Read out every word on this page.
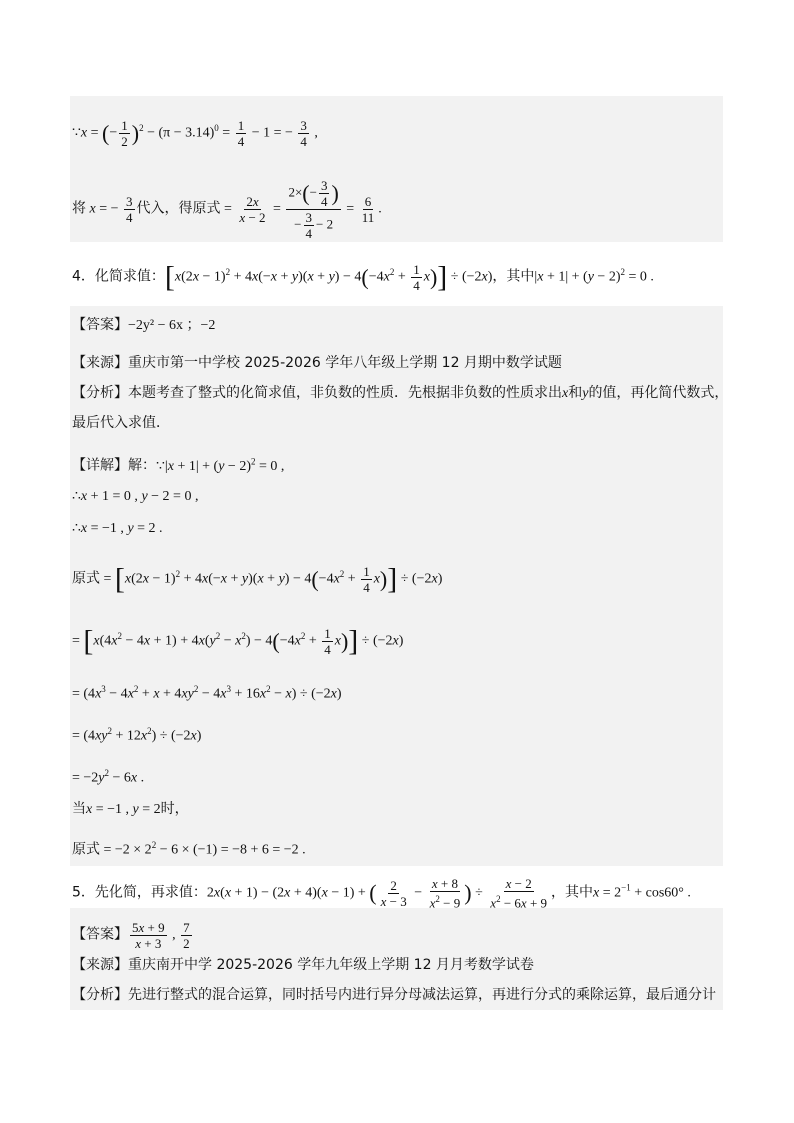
∵x = (− $\frac{1}{2} )^2 - (\pi - 3.14)^0 = \frac{1}{4} - 1$ = − $\frac{3}{4}$ ,
将 x = − $\frac{3}{4}$ 代入，得原式 = $\frac{2x}{x - 2} = \frac{2\times(- \frac{3}{4} )}{- \frac{3}{4} - 2} = \frac{6}{11}$ .
4．化简求值：$[x(2x - 1)^2 + 4x(-x + y)(x + y) - 4(-4x^2 + \frac{1}{4} x)] \div (-2x)$，其中$|x + 1| + (y - 2)^2 = 0$ .
【答案】−2y² − 6x ；−2
【来源】重庆市第一中学校 2025-2026 学年八年级上学期 12 月期中数学试题
【分析】本题考查了整式的化简求值，非负数的性质．先根据非负数的性质求出x和y的值，再化简代数式，
最后代入求值．
【详解】解：∵|x + $1| + (y - 2)^2 = 0$ ,
∴x + 1 = 0 , y − 2 = 0 ,
∴x = −1 , y = 2 .
原式 = $[x(2x - 1)^2 + 4x(-x + y)(x + y) - 4(-4x^2 + \frac{1}{4} x)] \div (-2x)$
= $[x(4x^2 - 4x + 1) + 4x(y^2 - x^2) - 4(-4x^2 + \frac{1}{4} x)] \div (-2x)$
= $(4x^3 - 4x^2 + x + 4xy^2 - 4x^3 + 16x^2 - x) \div (-2x)$
= $(4xy^2 + 12x^2) \div (-2x)$
= $-2y^2 - 6x$ .
当x = −1 , y = 2时，
原式 = $-2 \times 2^2 - 6 \times (-1) = -8 + 6 = -2$ .
5．先化简，再求值：2x(x + 1) − (2x + 4)(x − 1) + ( $\frac{2}{x - 3} - \frac{x + 8}{x^2 - 9}$ ) ÷ $\frac{x - 2}{x^2 - 6x + 9}$ ，其中$x = 2^{-1} + \cos 60^\circ$ .
【答案】 $\frac{5x + 9}{x + 3}$ , $\frac{7}{2}$
【来源】重庆南开中学 2025-2026 学年九年级上学期 12 月月考数学试卷
【分析】先进行整式的混合运算，同时括号内进行异分母减法运算，再进行分式的乘除运算，最后通分计
